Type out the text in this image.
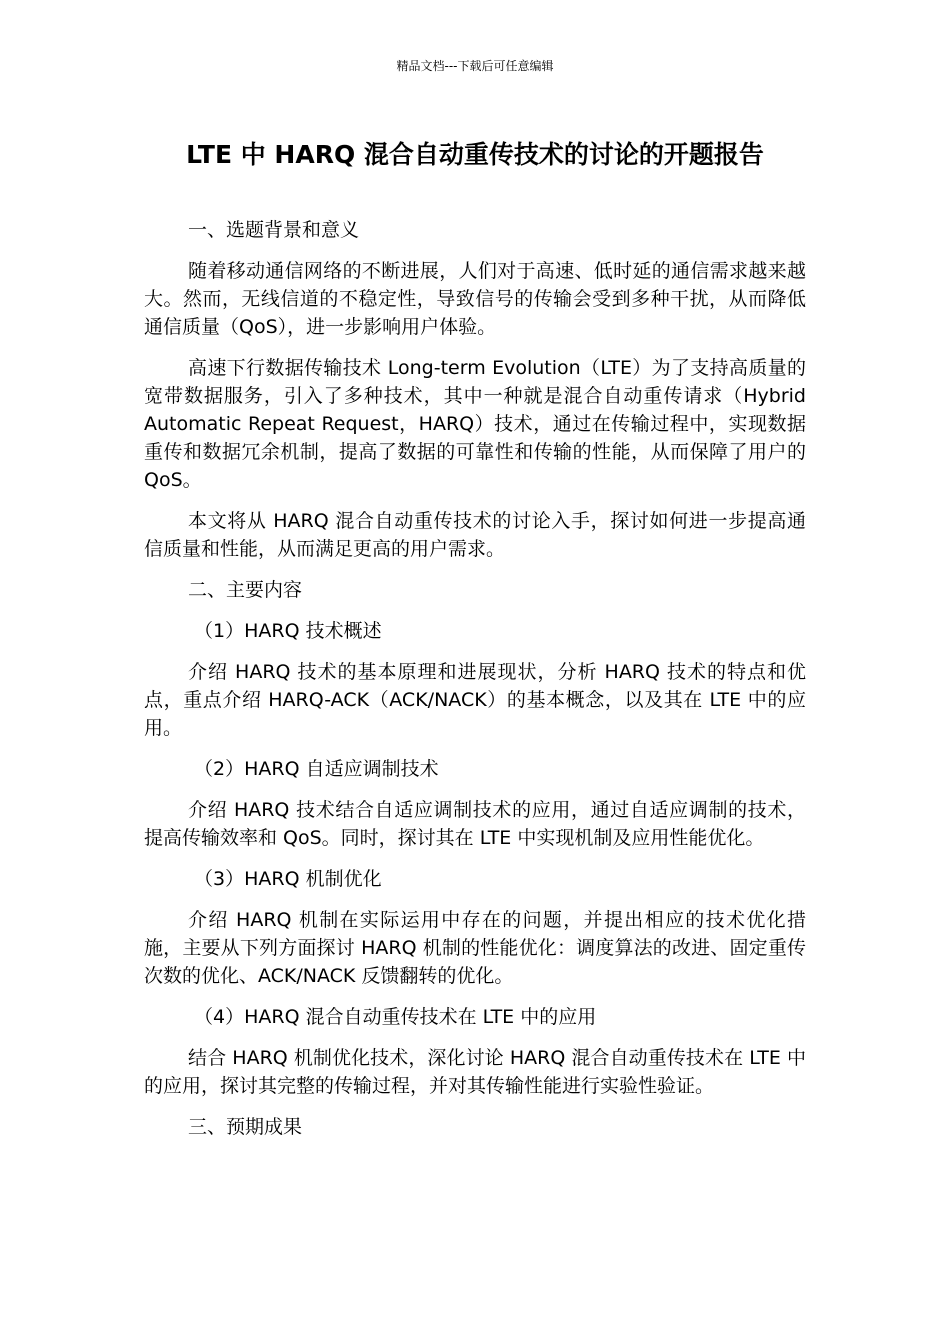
精品文档---下载后可任意编辑
LTE 中 HARQ 混合自动重传技术的讨论的开题报告

一、选题背景和意义

随着移动通信网络的不断进展，人们对于高速、低时延的通信需求越来越大。然而，无线信道的不稳定性，导致信号的传输会受到多种干扰，从而降低通信质量（QoS），进一步影响用户体验。

高速下行数据传输技术 Long-term Evolution（LTE）为了支持高质量的宽带数据服务，引入了多种技术，其中一种就是混合自动重传请求（Hybrid Automatic Repeat Request，HARQ）技术，通过在传输过程中，实现数据重传和数据冗余机制，提高了数据的可靠性和传输的性能，从而保障了用户的 QoS。

本文将从 HARQ 混合自动重传技术的讨论入手，探讨如何进一步提高通信质量和性能，从而满足更高的用户需求。

二、主要内容

（1）HARQ 技术概述

介绍 HARQ 技术的基本原理和进展现状，分析 HARQ 技术的特点和优点，重点介绍 HARQ-ACK（ACK/NACK）的基本概念，以及其在 LTE 中的应用。

（2）HARQ 自适应调制技术

介绍 HARQ 技术结合自适应调制技术的应用，通过自适应调制的技术，提高传输效率和 QoS。同时，探讨其在 LTE 中实现机制及应用性能优化。

（3）HARQ 机制优化

介绍 HARQ 机制在实际运用中存在的问题，并提出相应的技术优化措施，主要从下列方面探讨 HARQ 机制的性能优化：调度算法的改进、固定重传次数的优化、ACK/NACK 反馈翻转的优化。

（4）HARQ 混合自动重传技术在 LTE 中的应用

结合 HARQ 机制优化技术，深化讨论 HARQ 混合自动重传技术在 LTE 中的应用，探讨其完整的传输过程，并对其传输性能进行实验性验证。

三、预期成果
